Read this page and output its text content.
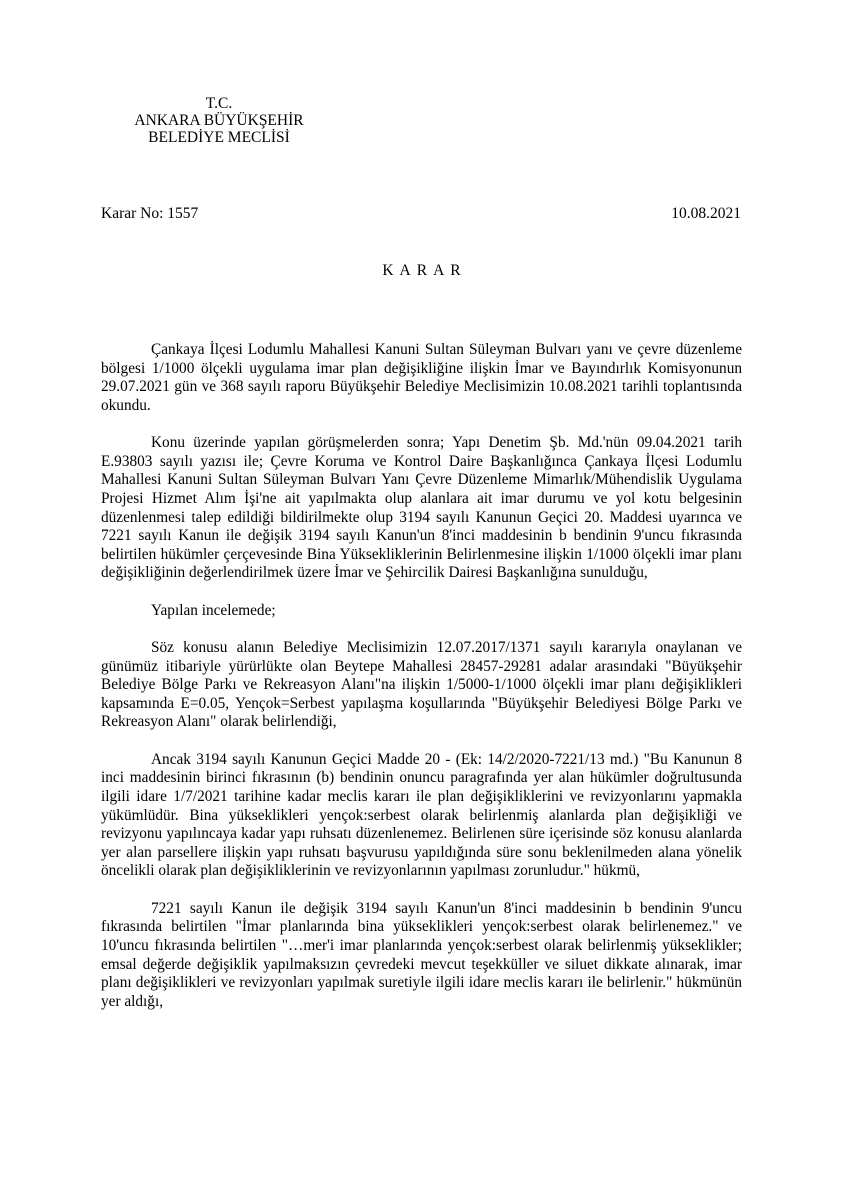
T.C.
ANKARA BÜYÜKŞEHİR
BELEDİYE MECLİSİ
Karar No: 1557	10.08.2021
KARAR

Çankaya İlçesi Lodumlu Mahallesi Kanuni Sultan Süleyman Bulvarı yanı ve çevre düzenleme bölgesi 1/1000 ölçekli uygulama imar plan değişikliğine ilişkin İmar ve Bayındırlık Komisyonunun 29.07.2021 gün ve 368 sayılı raporu Büyükşehir Belediye Meclisimizin 10.08.2021 tarihli toplantısında okundu.

Konu üzerinde yapılan görüşmelerden sonra; Yapı Denetim Şb. Md.'nün 09.04.2021 tarih E.93803 sayılı yazısı ile; Çevre Koruma ve Kontrol Daire Başkanlığınca Çankaya İlçesi Lodumlu Mahallesi Kanuni Sultan Süleyman Bulvarı Yanı Çevre Düzenleme Mimarlık/Mühendislik Uygulama Projesi Hizmet Alım İşi'ne ait yapılmakta olup alanlara ait imar durumu ve yol kotu belgesinin düzenlenmesi talep edildiği bildirilmekte olup 3194 sayılı Kanunun Geçici 20. Maddesi uyarınca ve 7221 sayılı Kanun ile değişik 3194 sayılı Kanun'un 8'inci maddesinin b bendinin 9'uncu fıkrasında belirtilen hükümler çerçevesinde Bina Yüksekliklerinin Belirlenmesine ilişkin 1/1000 ölçekli imar planı değişikliğinin değerlendirilmek üzere İmar ve Şehircilik Dairesi Başkanlığına sunulduğu,

Yapılan incelemede;

Söz konusu alanın Belediye Meclisimizin 12.07.2017/1371 sayılı kararıyla onaylanan ve günümüz itibariyle yürürlükte olan Beytepe Mahallesi 28457-29281 adalar arasındaki "Büyükşehir Belediye Bölge Parkı ve Rekreasyon Alanı"na ilişkin 1/5000-1/1000 ölçekli imar planı değişiklikleri kapsamında E=0.05, Yençok=Serbest yapılaşma koşullarında "Büyükşehir Belediyesi Bölge Parkı ve Rekreasyon Alanı" olarak belirlendiği,

Ancak 3194 sayılı Kanunun Geçici Madde 20 - (Ek: 14/2/2020-7221/13 md.) "Bu Kanunun 8 inci maddesinin birinci fıkrasının (b) bendinin onuncu paragrafında yer alan hükümler doğrultusunda ilgili idare 1/7/2021 tarihine kadar meclis kararı ile plan değişikliklerini ve revizyonlarını yapmakla yükümlüdür. Bina yükseklikleri yençok:serbest olarak belirlenmiş alanlarda plan değişikliği ve revizyonu yapılıncaya kadar yapı ruhsatı düzenlenemez. Belirlenen süre içerisinde söz konusu alanlarda yer alan parsellere ilişkin yapı ruhsatı başvurusu yapıldığında süre sonu beklenilmeden alana yönelik öncelikli olarak plan değişikliklerinin ve revizyonlarının yapılması zorunludur." hükmü,

7221 sayılı Kanun ile değişik 3194 sayılı Kanun'un 8'inci maddesinin b bendinin 9'uncu fıkrasında belirtilen "İmar planlarında bina yükseklikleri yençok:serbest olarak belirlenemez." ve 10'uncu fıkrasında belirtilen "…mer'i imar planlarında yençok:serbest olarak belirlenmiş yükseklikler; emsal değerde değişiklik yapılmaksızın çevredeki mevcut teşekküller ve siluet dikkate alınarak, imar planı değişiklikleri ve revizyonları yapılmak suretiyle ilgili idare meclis kararı ile belirlenir." hükmünün yer aldığı,
